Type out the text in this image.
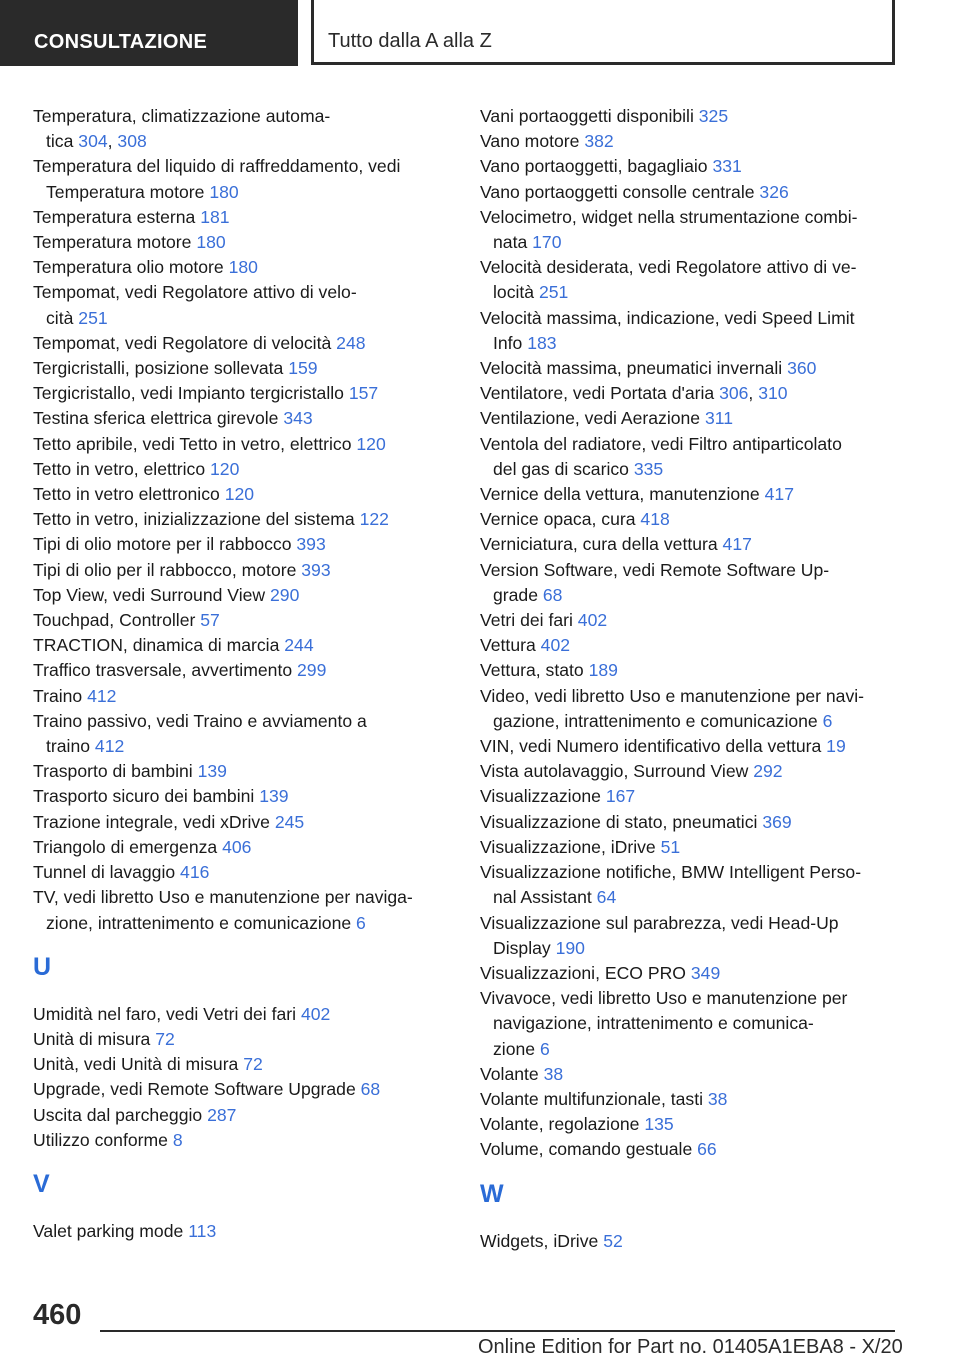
CONSULTAZIONE	Tutto dalla A alla Z
Temperatura, climatizzazione automa-
tica 304, 308
Temperatura del liquido di raffreddamento, vedi
Temperatura motore 180
Temperatura esterna 181
Temperatura motore 180
Temperatura olio motore 180
Tempomat, vedi Regolatore attivo di velo-
cità 251
Tempomat, vedi Regolatore di velocità 248
Tergicristalli, posizione sollevata 159
Tergicristallo, vedi Impianto tergicristallo 157
Testina sferica elettrica girevole 343
Tetto apribile, vedi Tetto in vetro, elettrico 120
Tetto in vetro, elettrico 120
Tetto in vetro elettronico 120
Tetto in vetro, inizializzazione del sistema 122
Tipi di olio motore per il rabbocco 393
Tipi di olio per il rabbocco, motore 393
Top View, vedi Surround View 290
Touchpad, Controller 57
TRACTION, dinamica di marcia 244
Traffico trasversale, avvertimento 299
Traino 412
Traino passivo, vedi Traino e avviamento a
traino 412
Trasporto di bambini 139
Trasporto sicuro dei bambini 139
Trazione integrale, vedi xDrive 245
Triangolo di emergenza 406
Tunnel di lavaggio 416
TV, vedi libretto Uso e manutenzione per naviga-
zione, intrattenimento e comunicazione 6
U
Umidità nel faro, vedi Vetri dei fari 402
Unità di misura 72
Unità, vedi Unità di misura 72
Upgrade, vedi Remote Software Upgrade 68
Uscita dal parcheggio 287
Utilizzo conforme 8
V
Valet parking mode 113
Vani portaoggetti disponibili 325
Vano motore 382
Vano portaoggetti, bagagliaio 331
Vano portaoggetti consolle centrale 326
Velocimetro, widget nella strumentazione combi-
nata 170
Velocità desiderata, vedi Regolatore attivo di ve-
locità 251
Velocità massima, indicazione, vedi Speed Limit
Info 183
Velocità massima, pneumatici invernali 360
Ventilatore, vedi Portata d'aria 306, 310
Ventilazione, vedi Aerazione 311
Ventola del radiatore, vedi Filtro antiparticolato
del gas di scarico 335
Vernice della vettura, manutenzione 417
Vernice opaca, cura 418
Verniciatura, cura della vettura 417
Version Software, vedi Remote Software Up-
grade 68
Vetri dei fari 402
Vettura 402
Vettura, stato 189
Video, vedi libretto Uso e manutenzione per navi-
gazione, intrattenimento e comunicazione 6
VIN, vedi Numero identificativo della vettura 19
Vista autolavaggio, Surround View 292
Visualizzazione 167
Visualizzazione di stato, pneumatici 369
Visualizzazione, iDrive 51
Visualizzazione notifiche, BMW Intelligent Perso-
nal Assistant 64
Visualizzazione sul parabrezza, vedi Head-Up
Display 190
Visualizzazioni, ECO PRO 349
Vivavoce, vedi libretto Uso e manutenzione per
navigazione, intrattenimento e comunica-
zione 6
Volante 38
Volante multifunzionale, tasti 38
Volante, regolazione 135
Volume, comando gestuale 66
W
Widgets, iDrive 52
460
Online Edition for Part no. 01405A1EBA8 - X/20
